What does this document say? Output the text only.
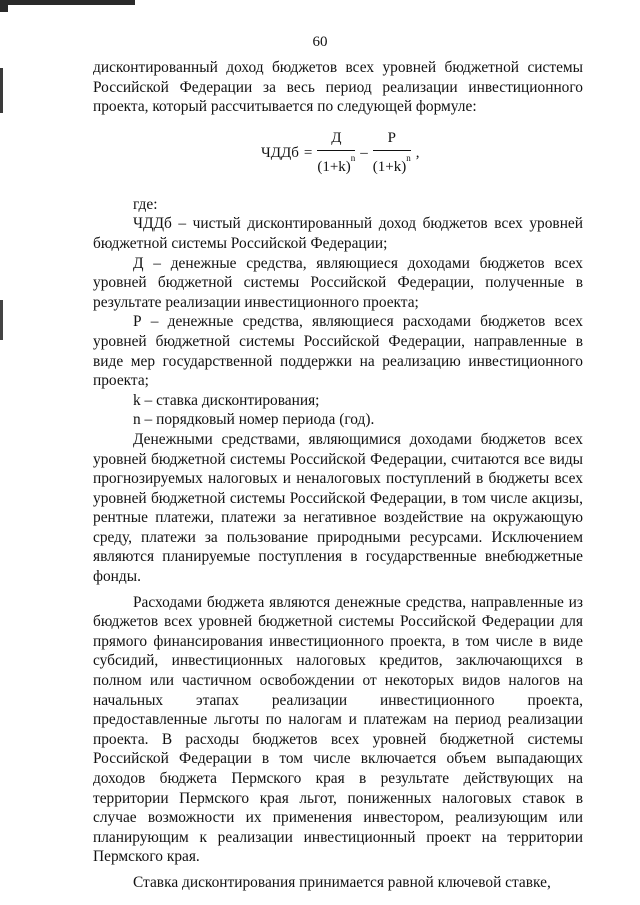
60

дисконтированный доход бюджетов всех уровней бюджетной системы Российской Федерации за весь период реализации инвестиционного проекта, который рассчитывается по следующей формуле:

ЧДДб = $\frac{Д}{(1+k)^n} - \frac{Р}{(1+k)^n}$ ,

где:

ЧДДб – чистый дисконтированный доход бюджетов всех уровней бюджетной системы Российской Федерации;

Д – денежные средства, являющиеся доходами бюджетов всех уровней бюджетной системы Российской Федерации, полученные в результате реализации инвестиционного проекта;

Р – денежные средства, являющиеся расходами бюджетов всех уровней бюджетной системы Российской Федерации, направленные в виде мер государственной поддержки на реализацию инвестиционного проекта;

k – ставка дисконтирования;

n – порядковый номер периода (год).

Денежными средствами, являющимися доходами бюджетов всех уровней бюджетной системы Российской Федерации, считаются все виды прогнозируемых налоговых и неналоговых поступлений в бюджеты всех уровней бюджетной системы Российской Федерации, в том числе акцизы, рентные платежи, платежи за негативное воздействие на окружающую среду, платежи за пользование природными ресурсами. Исключением являются планируемые поступления в государственные внебюджетные фонды.

Расходами бюджета являются денежные средства, направленные из бюджетов всех уровней бюджетной системы Российской Федерации для прямого финансирования инвестиционного проекта, в том числе в виде субсидий, инвестиционных налоговых кредитов, заключающихся в полном или частичном освобождении от некоторых видов налогов на начальных этапах реализации инвестиционного проекта, предоставленные льготы по налогам и платежам на период реализации проекта. В расходы бюджетов всех уровней бюджетной системы Российской Федерации в том числе включается объем выпадающих доходов бюджета Пермского края в результате действующих на территории Пермского края льгот, пониженных налоговых ставок в случае возможности их применения инвестором, реализующим или планирующим к реализации инвестиционный проект на территории Пермского края.

Ставка дисконтирования принимается равной ключевой ставке,
